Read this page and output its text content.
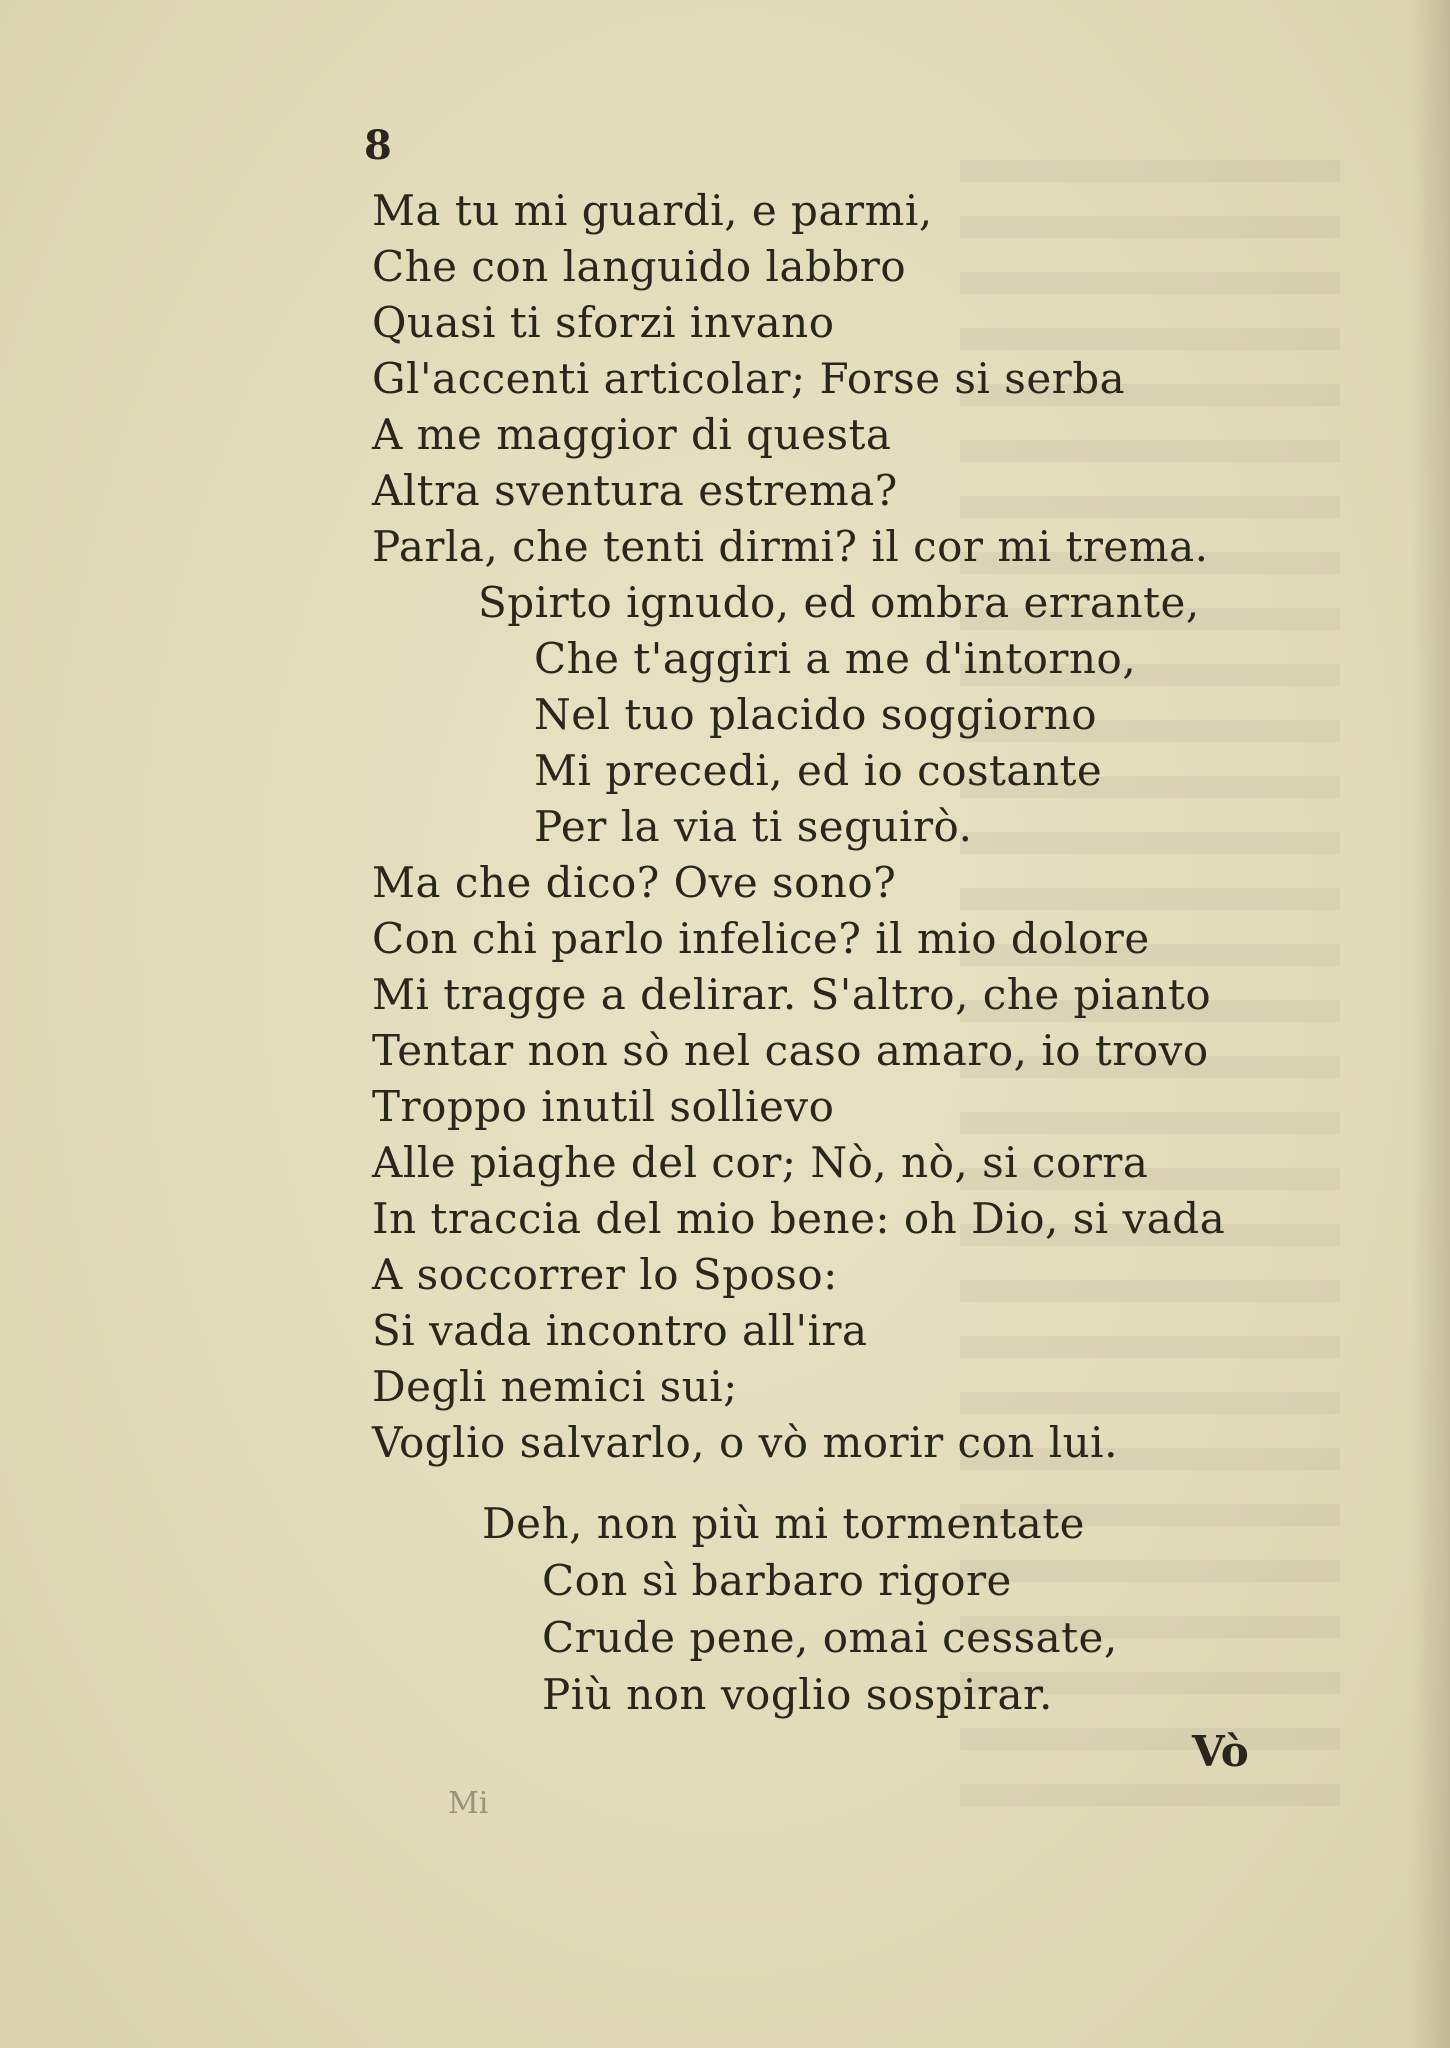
8
Ma tu mi guardi, e parmi,
Che con languido labbro
Quasi ti sforzi invano
Gl'accenti articolar; Forse si serba
A me maggior di questa
Altra sventura estrema?
Parla, che tenti dirmi? il cor mi trema.
Spirto ignudo, ed ombra errante,
Che t'aggiri a me d'intorno,
Nel tuo placido soggiorno
Mi precedi, ed io costante
Per la via ti seguirò.
Ma che dico? Ove sono?
Con chi parlo infelice? il mio dolore
Mi tragge a delirar. S'altro, che pianto
Tentar non sò nel caso amaro, io trovo
Troppo inutil sollievo
Alle piaghe del cor; Nò, nò, si corra
In traccia del mio bene: oh Dio, si vada
A soccorrer lo Sposo:
Si vada incontro all'ira
Degli nemici sui;
Voglio salvarlo, o vò morir con lui.
Deh, non più mi tormentate
Con sì barbaro rigore
Crude pene, omai cessate,
Più non voglio sospirar.
Vò
Mi
